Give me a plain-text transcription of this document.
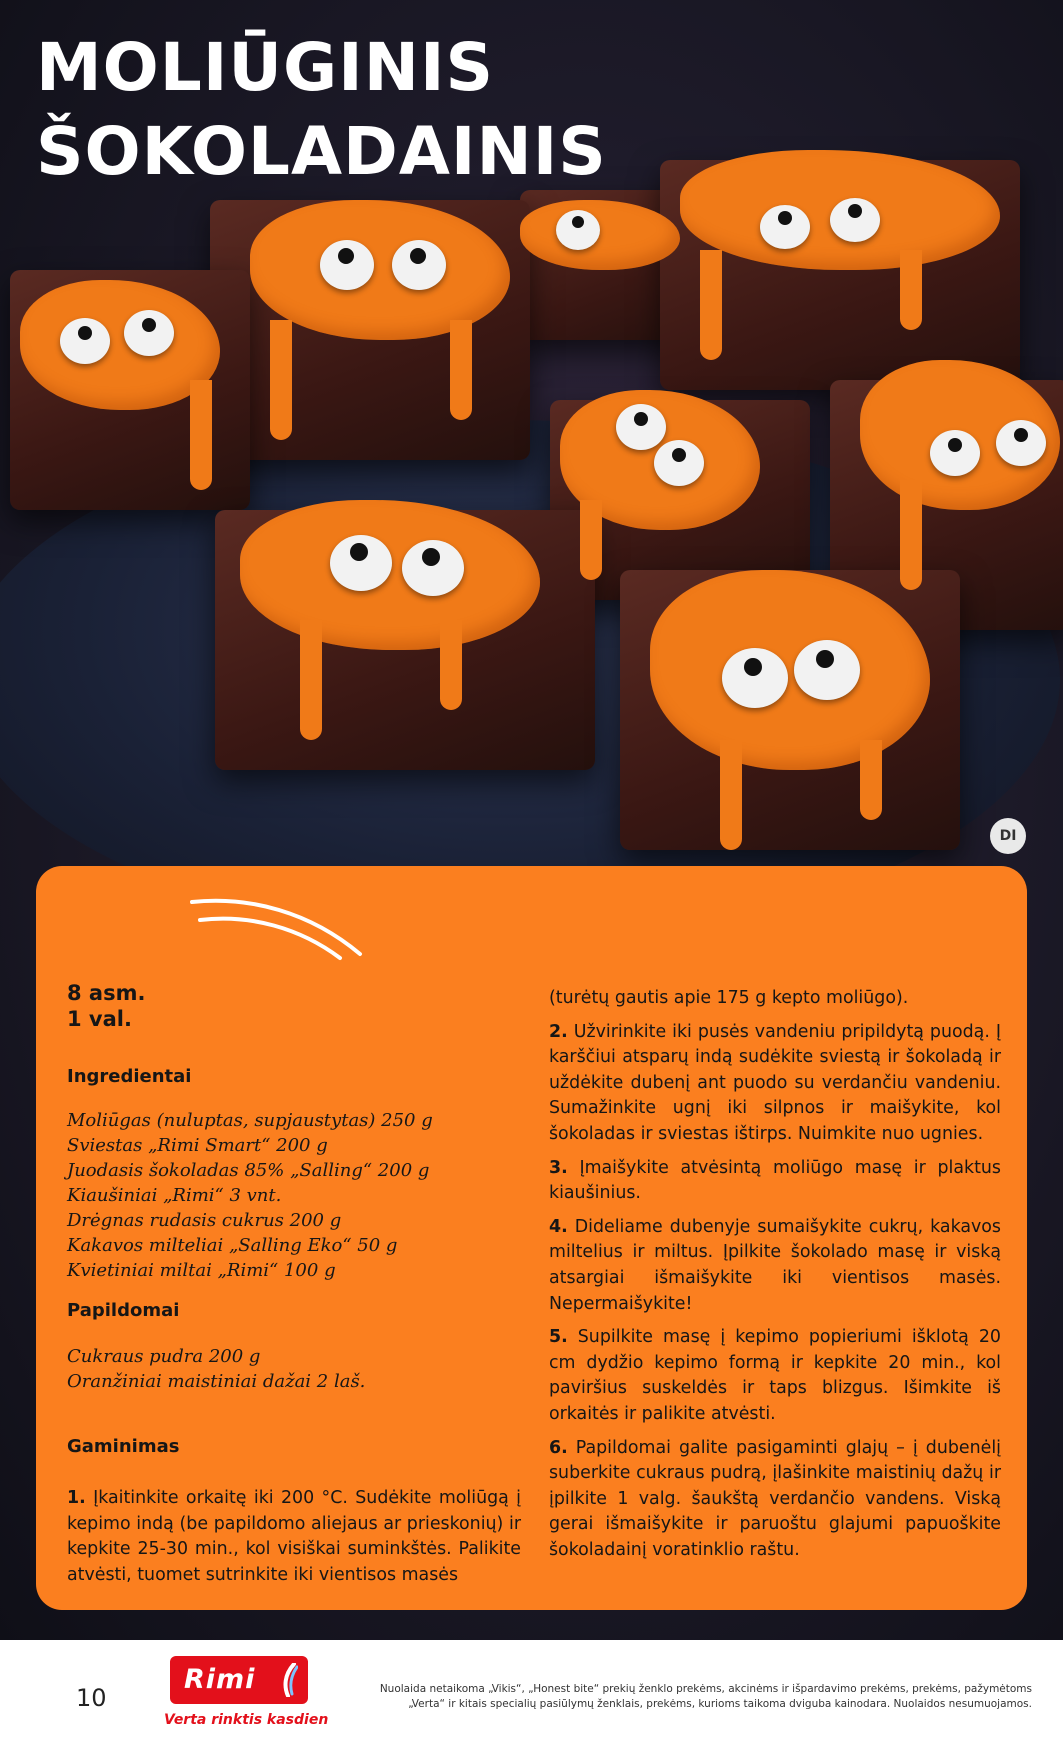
MOLIŪGINIS
ŠOKOLADAINIS
DI
8 asm.
1 val.
Ingredientai
Moliūgas (nuluptas, supjaustytas) 250 g
Sviestas „Rimi Smart“ 200 g
Juodasis šokoladas 85% „Salling“ 200 g
Kiaušiniai „Rimi“ 3 vnt.
Drėgnas rudasis cukrus 200 g
Kakavos milteliai „Salling Eko“ 50 g
Kvietiniai miltai „Rimi“ 100 g
Papildomai
Cukraus pudra 200 g
Oranžiniai maistiniai dažai 2 laš.
Gaminimas
1. Įkaitinkite orkaitę iki 200 °C. Sudėkite moliūgą į kepimo indą (be papildomo aliejaus ar prieskonių) ir kepkite 25-30 min., kol visiškai suminkštės. Palikite atvėsti, tuomet sutrinkite iki vientisos masės
(turėtų gautis apie 175 g kepto moliūgo).
2. Užvirinkite iki pusės vandeniu pripildytą puodą. Į karščiui atsparų indą sudėkite sviestą ir šokoladą ir uždėkite dubenį ant puodo su verdančiu vandeniu. Sumažinkite ugnį iki silpnos ir maišykite, kol šokoladas ir sviestas ištirps. Nuimkite nuo ugnies.
3. Įmaišykite atvėsintą moliūgo masę ir plaktus kiaušinius.
4. Dideliame dubenyje sumaišykite cukrų, kakavos miltelius ir miltus. Įpilkite šokolado masę ir viską atsargiai išmaišykite iki vientisos masės. Nepermaišykite!
5. Supilkite masę į kepimo popieriumi išklotą 20 cm dydžio kepimo formą ir kepkite 20 min., kol paviršius suskeldės ir taps blizgus. Išimkite iš orkaitės ir palikite atvėsti.
6. Papildomai galite pasigaminti glajų – į dubenėlį suberkite cukraus pudrą, įlašinkite maistinių dažų ir įpilkite 1 valg. šaukštą verdančio vandens. Viską gerai išmaišykite ir paruoštu glajumi papuoškite šokoladainį voratinklio raštu.
10
Rimi
Verta rinktis kasdien
Nuolaida netaikoma „Vikis“, „Honest bite“ prekių ženklo prekėms, akcinėms ir išpardavimo prekėms, prekėms, pažymėtoms
„Verta“ ir kitais specialių pasiūlymų ženklais, prekėms, kurioms taikoma dviguba kainodara. Nuolaidos nesumuojamos.
